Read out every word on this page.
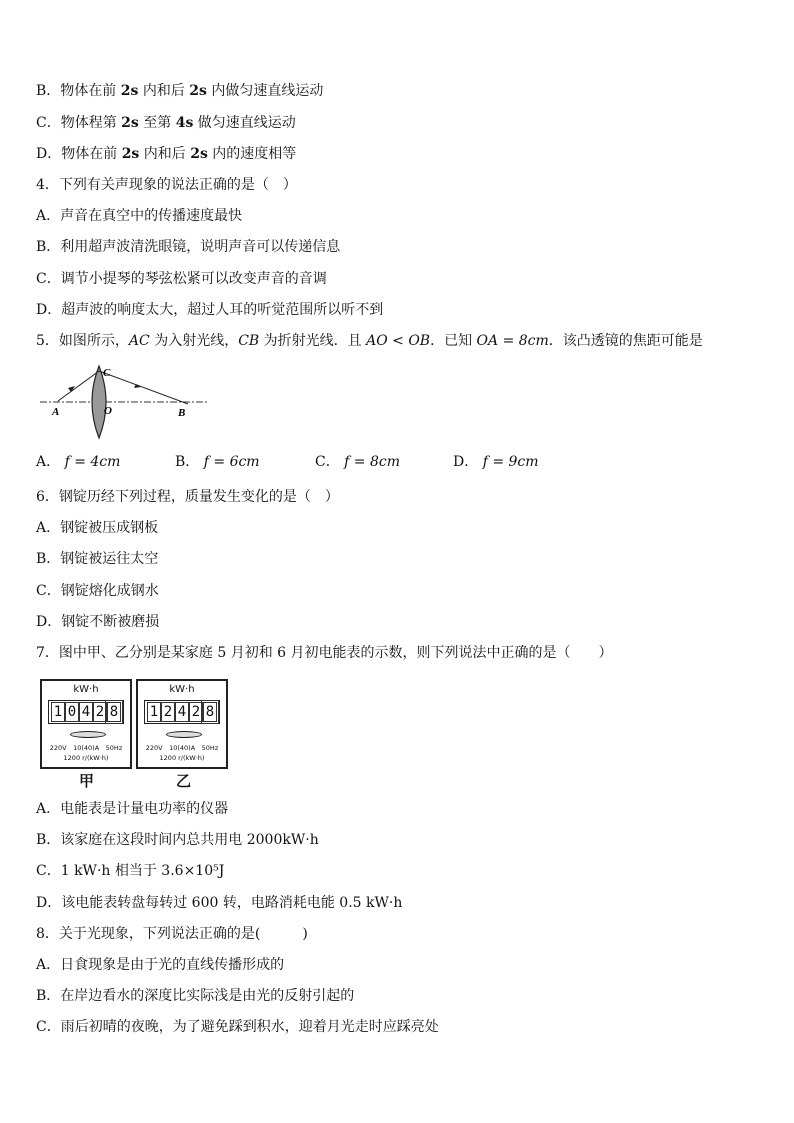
B．物体在前 2s 内和后 2s 内做匀速直线运动
C．物体程第 2s 至第 4s 做匀速直线运动
D．物体在前 2s 内和后 2s 内的速度相等
4．下列有关声现象的说法正确的是（　）
A．声音在真空中的传播速度最快
B．利用超声波清洗眼镜，说明声音可以传递信息
C．调节小提琴的琴弦松紧可以改变声音的音调
D．超声波的响度太大，超过人耳的听觉范围所以听不到
5．如图所示，AC 为入射光线，CB 为折射光线．且 AO < OB．已知 OA = 8cm．该凸透镜的焦距可能是
A	O	B
C
A． f = 4cm	B． f = 6cm	C． f = 8cm	D． f = 9cm
6．钢锭历经下列过程，质量发生变化的是（　）
A．钢锭被压成钢板
B．钢锭被运往太空
C．钢锭熔化成钢水
D．钢锭不断被磨损
7．图中甲、乙分别是某家庭 5 月初和 6 月初电能表的示数，则下列说法中正确的是（　　）
kW·h
1 0 4 2 8
220V　10(40)A　50Hz
1200 r/(kW·h)
甲
kW·h
1 2 4 2 8
220V　10(40)A　50Hz
1200 r/(kW·h)
乙
A．电能表是计量电功率的仪器
B．该家庭在这段时间内总共用电 2000kW·h
C．1 kW·h 相当于 3.6×10⁵J
D．该电能表转盘每转过 600 转，电路消耗电能 0.5 kW·h
8．关于光现象，下列说法正确的是(　　　)
A．日食现象是由于光的直线传播形成的
B．在岸边看水的深度比实际浅是由光的反射引起的
C．雨后初晴的夜晚，为了避免踩到积水，迎着月光走时应踩亮处
